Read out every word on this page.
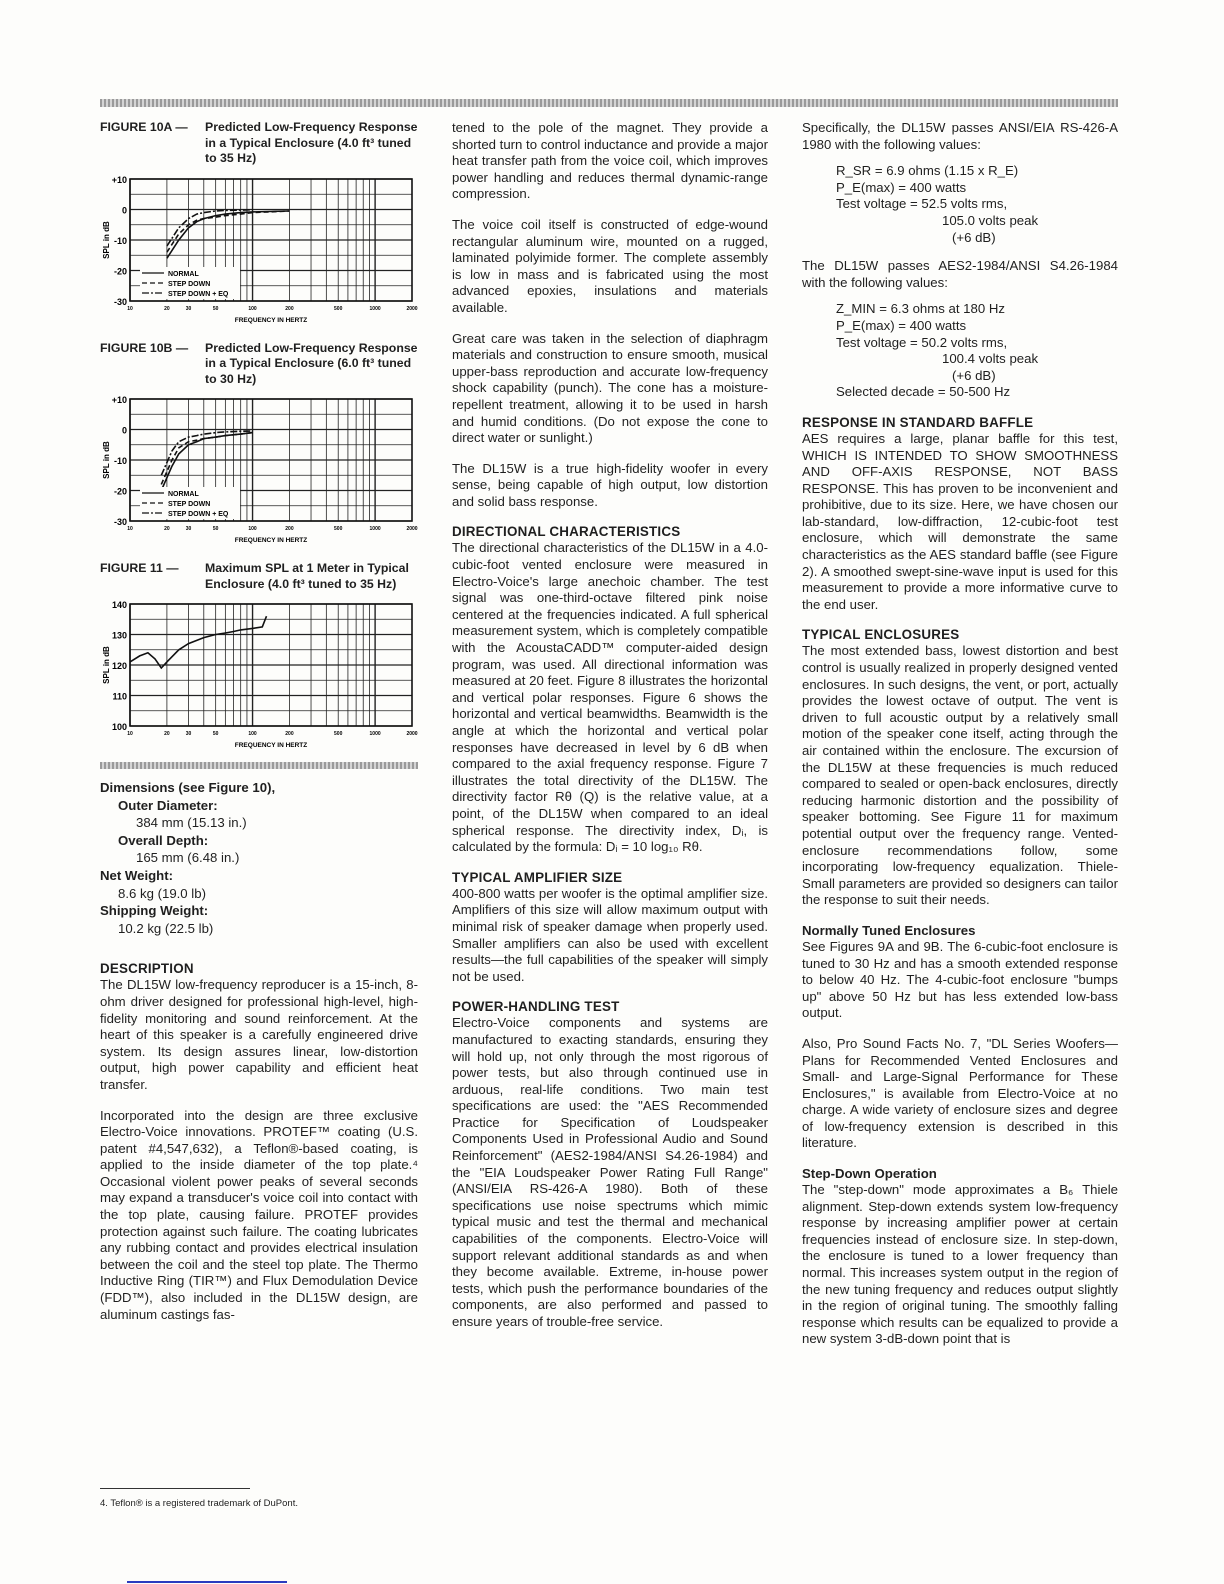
FIGURE 10A —	Predicted Low-Frequency Response in a Typical Enclosure (4.0 ft³ tuned to 35 Hz)
+10
0
-10
-20
-30
10	20	30	50	100	200	500	1000	2000
FREQUENCY IN HERTZ
SPL in dB
NORMAL
STEP DOWN
STEP DOWN + EQ
FIGURE 10B —	Predicted Low-Frequency Response in a Typical Enclosure (6.0 ft³ tuned to 30 Hz)
+10
0
-10
-20
-30
10	20	30	50	100	200	500	1000	2000
FREQUENCY IN HERTZ
SPL in dB
NORMAL
STEP DOWN
STEP DOWN + EQ
FIGURE 11 —	Maximum SPL at 1 Meter in Typical Enclosure (4.0 ft³ tuned to 35 Hz)
140
130
120
110
100
10	20	30	50	100	200	500	1000	2000
FREQUENCY IN HERTZ
SPL in dB
Dimensions (see Figure 10),
Outer Diameter:
384 mm (15.13 in.)
Overall Depth:
165 mm (6.48 in.)
Net Weight:
8.6 kg (19.0 lb)
Shipping Weight:
10.2 kg (22.5 lb)
DESCRIPTION

The DL15W low-frequency reproducer is a 15-inch, 8-ohm driver designed for professional high-level, high-fidelity monitoring and sound reinforcement. At the heart of this speaker is a carefully engineered drive system. Its design assures linear, low-distortion output, high power capability and efficient heat transfer.

Incorporated into the design are three exclusive Electro-Voice innovations. PROTEF™ coating (U.S. patent #4,547,632), a Teflon®-based coating, is applied to the inside diameter of the top plate.⁴ Occasional violent power peaks of several seconds may expand a transducer's voice coil into contact with the top plate, causing failure. PROTEF provides protection against such failure. The coating lubricates any rubbing contact and provides electrical insulation between the coil and the steel top plate. The Thermo Inductive Ring (TIR™) and Flux Demodulation Device (FDD™), also included in the DL15W design, are aluminum castings fas-

4. Teflon® is a registered trademark of DuPont.

tened to the pole of the magnet. They provide a shorted turn to control inductance and provide a major heat transfer path from the voice coil, which improves power handling and reduces thermal dynamic-range compression.

The voice coil itself is constructed of edge-wound rectangular aluminum wire, mounted on a rugged, laminated polyimide former. The complete assembly is low in mass and is fabricated using the most advanced epoxies, insulations and materials available.

Great care was taken in the selection of diaphragm materials and construction to ensure smooth, musical upper-bass reproduction and accurate low-frequency shock capability (punch). The cone has a moisture-repellent treatment, allowing it to be used in harsh and humid conditions. (Do not expose the cone to direct water or sunlight.)

The DL15W is a true high-fidelity woofer in every sense, being capable of high output, low distortion and solid bass response.

DIRECTIONAL CHARACTERISTICS

The directional characteristics of the DL15W in a 4.0-cubic-foot vented enclosure were measured in Electro-Voice's large anechoic chamber. The test signal was one-third-octave filtered pink noise centered at the frequencies indicated. A full spherical measurement system, which is completely compatible with the AcoustaCADD™ computer-aided design program, was used. All directional information was measured at 20 feet. Figure 8 illustrates the horizontal and vertical polar responses. Figure 6 shows the horizontal and vertical beamwidths. Beamwidth is the angle at which the horizontal and vertical polar responses have decreased in level by 6 dB when compared to the axial frequency response. Figure 7 illustrates the total directivity of the DL15W. The directivity factor Rθ (Q) is the relative value, at a point, of the DL15W when compared to an ideal spherical response. The directivity index, Dᵢ, is calculated by the formula: Dᵢ = 10 log₁₀ Rθ.

TYPICAL AMPLIFIER SIZE

400-800 watts per woofer is the optimal amplifier size. Amplifiers of this size will allow maximum output with minimal risk of speaker damage when properly used. Smaller amplifiers can also be used with excellent results—the full capabilities of the speaker will simply not be used.

POWER-HANDLING TEST

Electro-Voice components and systems are manufactured to exacting standards, ensuring they will hold up, not only through the most rigorous of power tests, but also through continued use in arduous, real-life conditions. Two main test specifications are used: the "AES Recommended Practice for Specification of Loudspeaker Components Used in Professional Audio and Sound Reinforcement" (AES2-1984/ANSI S4.26-1984) and the "EIA Loudspeaker Power Rating Full Range" (ANSI/EIA RS-426-A 1980). Both of these specifications use noise spectrums which mimic typical music and test the thermal and mechanical capabilities of the components. Electro-Voice will support relevant additional standards as and when they become available. Extreme, in-house power tests, which push the performance boundaries of the components, are also performed and passed to ensure years of trouble-free service.

Specifically, the DL15W passes ANSI/EIA RS-426-A 1980 with the following values:

R_SR = 6.9 ohms (1.15 x R_E)
P_E(max) = 400 watts
Test voltage = 52.5 volts rms,
105.0 volts peak
(+6 dB)

The DL15W passes AES2-1984/ANSI S4.26-1984 with the following values:

Z_MIN = 6.3 ohms at 180 Hz
P_E(max) = 400 watts
Test voltage = 50.2 volts rms,
100.4 volts peak
(+6 dB)
Selected decade = 50-500 Hz
RESPONSE IN STANDARD BAFFLE

AES requires a large, planar baffle for this test, WHICH IS INTENDED TO SHOW SMOOTHNESS AND OFF-AXIS RESPONSE, NOT BASS RESPONSE. This has proven to be inconvenient and prohibitive, due to its size. Here, we have chosen our lab-standard, low-diffraction, 12-cubic-foot test enclosure, which will demonstrate the same characteristics as the AES standard baffle (see Figure 2). A smoothed swept-sine-wave input is used for this measurement to provide a more informative curve to the end user.

TYPICAL ENCLOSURES

The most extended bass, lowest distortion and best control is usually realized in properly designed vented enclosures. In such designs, the vent, or port, actually provides the lowest octave of output. The vent is driven to full acoustic output by a relatively small motion of the speaker cone itself, acting through the air contained within the enclosure. The excursion of the DL15W at these frequencies is much reduced compared to sealed or open-back enclosures, directly reducing harmonic distortion and the possibility of speaker bottoming. See Figure 11 for maximum potential output over the frequency range. Vented-enclosure recommendations follow, some incorporating low-frequency equalization. Thiele-Small parameters are provided so designers can tailor the response to suit their needs.

Normally Tuned Enclosures

See Figures 9A and 9B. The 6-cubic-foot enclosure is tuned to 30 Hz and has a smooth extended response to below 40 Hz. The 4-cubic-foot enclosure "bumps up" above 50 Hz but has less extended low-bass output.

Also, Pro Sound Facts No. 7, "DL Series Woofers—Plans for Recommended Vented Enclosures and Small- and Large-Signal Performance for These Enclosures," is available from Electro-Voice at no charge. A wide variety of enclosure sizes and degree of low-frequency extension is described in this literature.

Step-Down Operation

The "step-down" mode approximates a B₆ Thiele alignment. Step-down extends system low-frequency response by increasing amplifier power at certain frequencies instead of enclosure size. In step-down, the enclosure is tuned to a lower frequency than normal. This increases system output in the region of the new tuning frequency and reduces output slightly in the region of original tuning. The smoothly falling response which results can be equalized to provide a new system 3-dB-down point that is
